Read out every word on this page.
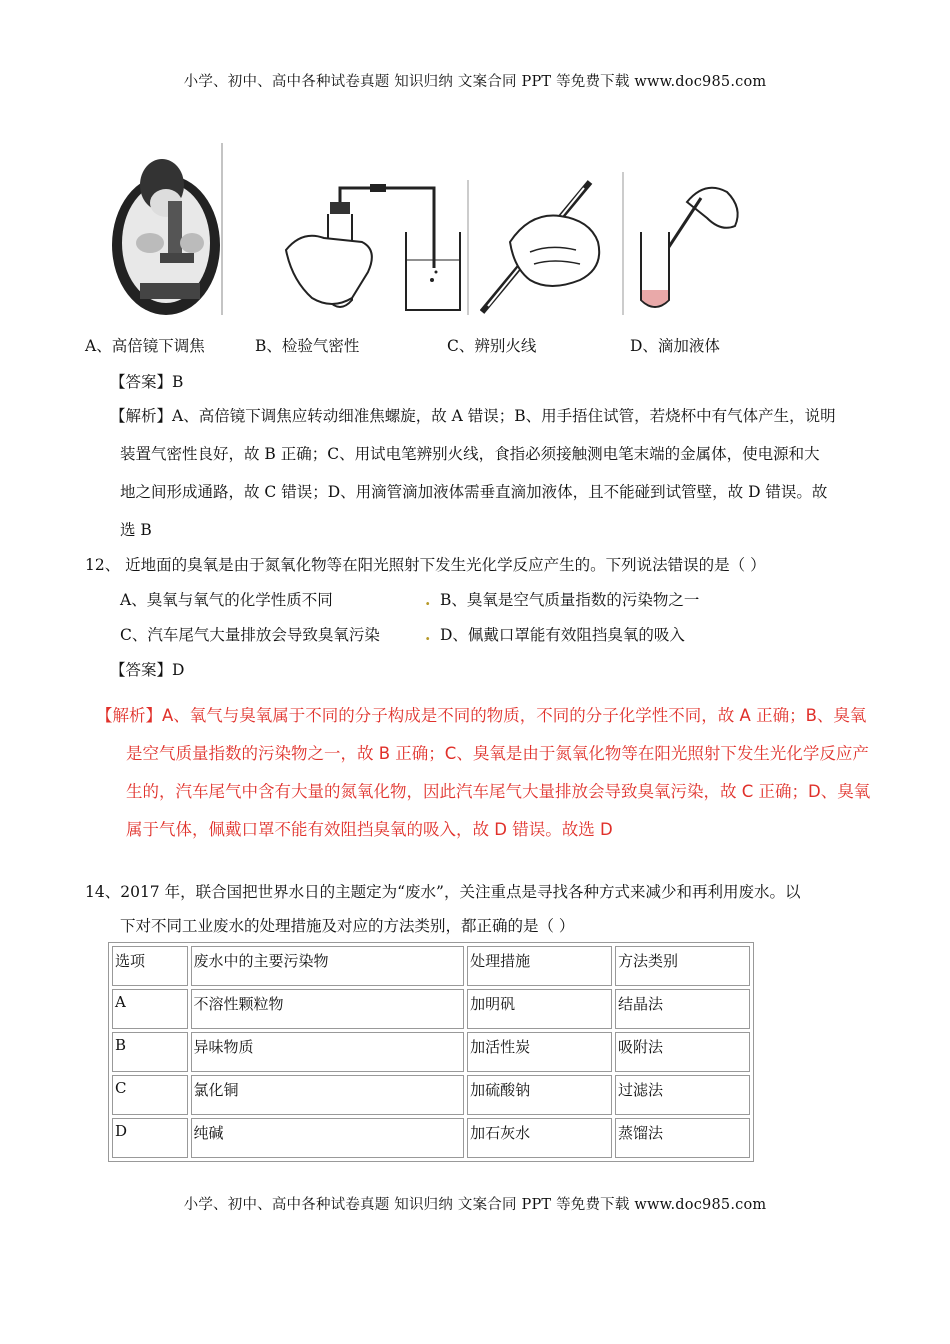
小学、初中、高中各种试卷真题 知识归纳 文案合同 PPT 等免费下载 www.doc985.com
A、高倍镜下调焦	B、检验气密性	C、辨别火线	D、滴加液体
【答案】B
【解析】A、高倍镜下调焦应转动细准焦螺旋，故 A 错误；B、用手捂住试管，若烧杯中有气体产生，说明
装置气密性良好，故 B 正确；C、用试电笔辨别火线，食指必须接触测电笔末端的金属体，使电源和大
地之间形成通路，故 C 错误；D、用滴管滴加液体需垂直滴加液体，且不能碰到试管壁，故 D 错误。故
选 B
12、 近地面的臭氧是由于氮氧化物等在阳光照射下发生光化学反应产生的。下列说法错误的是（ ）
A、臭氧与氧气的化学性质不同	. B、臭氧是空气质量指数的污染物之一
C、汽车尾气大量排放会导致臭氧污染	. D、佩戴口罩能有效阻挡臭氧的吸入
【答案】D
【解析】A、氧气与臭氧属于不同的分子构成是不同的物质，不同的分子化学性不同，故 A 正确；B、臭氧
是空气质量指数的污染物之一，故 B 正确；C、臭氧是由于氮氧化物等在阳光照射下发生光化学反应产
生的，汽车尾气中含有大量的氮氧化物，因此汽车尾气大量排放会导致臭氧污染，故 C 正确；D、臭氧
属于气体，佩戴口罩不能有效阻挡臭氧的吸入，故 D 错误。故选 D
14、2017 年，联合国把世界水日的主题定为“废水”，关注重点是寻找各种方式来减少和再利用废水。以
下对不同工业废水的处理措施及对应的方法类别，都正确的是（ ）
选项	废水中的主要污染物	处理措施	方法类别
A	不溶性颗粒物	加明矾	结晶法
B	异味物质	加活性炭	吸附法
C	氯化铜	加硫酸钠	过滤法
D	纯碱	加石灰水	蒸馏法
小学、初中、高中各种试卷真题 知识归纳 文案合同 PPT 等免费下载 www.doc985.com
